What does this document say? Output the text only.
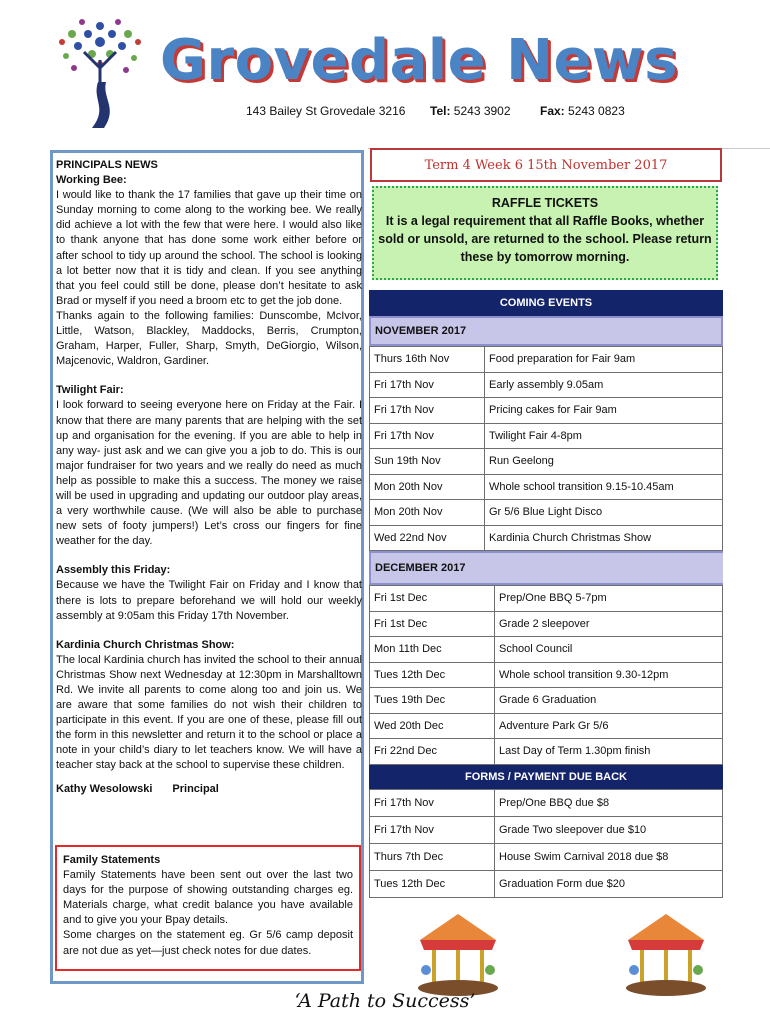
Grovedale News
143 Bailey St Grovedale 3216 Tel: 5243 3902 Fax: 5243 0823

PRINCIPALS NEWS

Working Bee:

I would like to thank the 17 families that gave up their time on Sunday morning to come along to the working bee. We really did achieve a lot with the few that were here. I would also like to thank anyone that has done some work either before or after school to tidy up around the school. The school is looking a lot better now that it is tidy and clean. If you see anything that you feel could still be done, please don’t hesitate to ask Brad or myself if you need a broom etc to get the job done.

Thanks again to the following families: Dunscombe, McIvor, Little, Watson, Blackley, Maddocks, Berris, Crumpton, Graham, Harper, Fuller, Sharp, Smyth, DeGiorgio, Wilson, Majcenovic, Waldron, Gardiner.

Twilight Fair:

I look forward to seeing everyone here on Friday at the Fair. I know that there are many parents that are helping with the set up and organisation for the evening. If you are able to help in any way- just ask and we can give you a job to do. This is our major fundraiser for two years and we really do need as much help as possible to make this a success. The money we raise will be used in upgrading and updating our outdoor play areas, a very worthwhile cause. (We will also be able to purchase new sets of footy jumpers!) Let’s cross our fingers for fine weather for the day.

Assembly this Friday:

Because we have the Twilight Fair on Friday and I know that there is lots to prepare beforehand we will hold our weekly assembly at 9:05am this Friday 17th November.

Kardinia Church Christmas Show:

The local Kardinia church has invited the school to their annual Christmas Show next Wednesday at 12:30pm in Marshalltown Rd. We invite all parents to come along too and join us. We are aware that some families do not wish their children to participate in this event. If you are one of these, please fill out the form in this newsletter and return it to the school or place a note in your child’s diary to let teachers know. We will have a teacher stay back at the school to supervise these children.

Kathy Wesolowski Principal
Family Statements
Family Statements have been sent out over the last two days for the purpose of showing outstanding charges eg. Materials charge, what credit balance you have available and to give you your Bpay details.
Some charges on the statement eg. Gr 5/6 camp deposit are not due as yet—just check notes for due dates.
Term 4 Week 6 15th November 2017
RAFFLE TICKETS
It is a legal requirement that all Raffle Books, whether sold or unsold, are returned to the school. Please return these by tomorrow morning.
COMING EVENTS
NOVEMBER 2017
Thurs 16th Nov	Food preparation for Fair 9am
Fri 17th Nov	Early assembly 9.05am
Fri 17th Nov	Pricing cakes for Fair 9am
Fri 17th Nov	Twilight Fair 4-8pm
Sun 19th Nov	Run Geelong
Mon 20th Nov	Whole school transition 9.15-10.45am
Mon 20th Nov	Gr 5/6 Blue Light Disco
Wed 22nd Nov	Kardinia Church Christmas Show
DECEMBER 2017
Fri 1st Dec	Prep/One BBQ 5-7pm
Fri 1st Dec	Grade 2 sleepover
Mon 11th Dec	School Council
Tues 12th Dec	Whole school transition 9.30-12pm
Tues 19th Dec	Grade 6 Graduation
Wed 20th Dec	Adventure Park Gr 5/6
Fri 22nd Dec	Last Day of Term 1.30pm finish
FORMS / PAYMENT DUE BACK
Fri 17th Nov	Prep/One BBQ due $8
Fri 17th Nov	Grade Two sleepover due $10
Thurs 7th Dec	House Swim Carnival 2018 due $8
Tues 12th Dec	Graduation Form due $20
‘A Path to Success’
